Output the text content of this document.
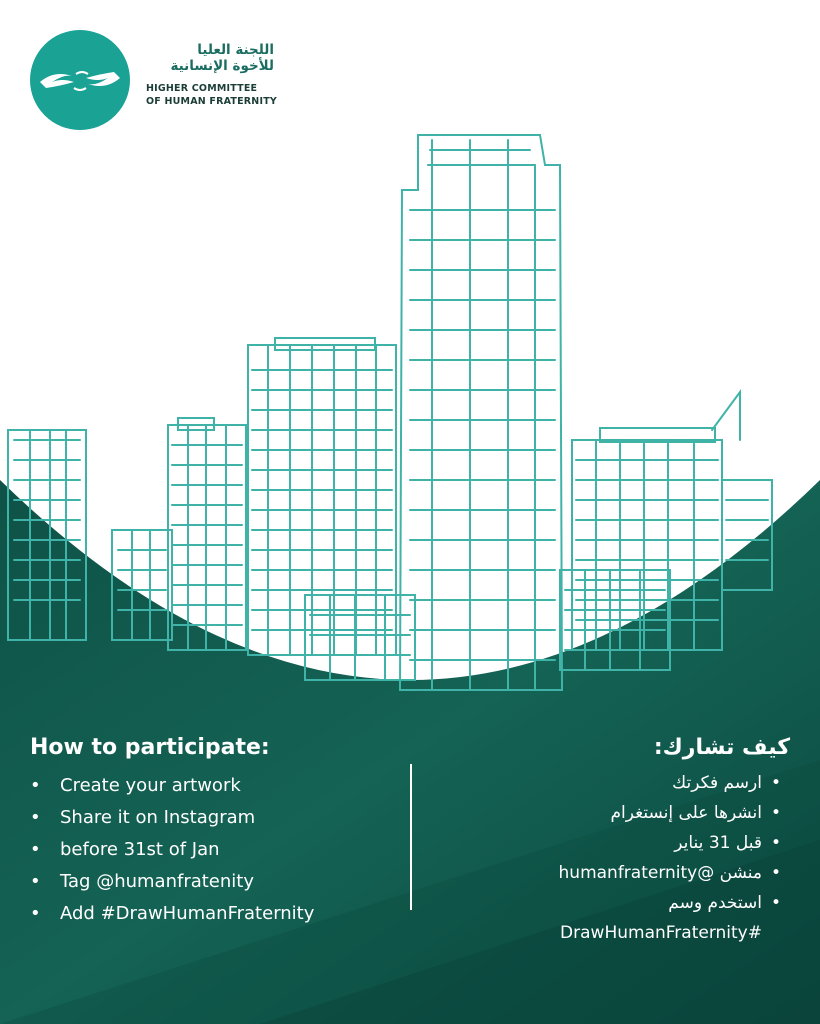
اللجنة العليا

للأخوة الإنسانية

HIGHER COMMITTEE

OF HUMAN FRATERNITY

How to participate:
• Create your artwork
• Share it on Instagram
• before 31st of Jan
• Tag @humanfratenity
• Add #DrawHumanFraternity
كيف تشارك:
•ارسم فكرتك
•انشرها على إنستغرام
•قبل 31 يناير
•منشن @humanfraternity
•استخدم وسم
DrawHumanFraternity#
